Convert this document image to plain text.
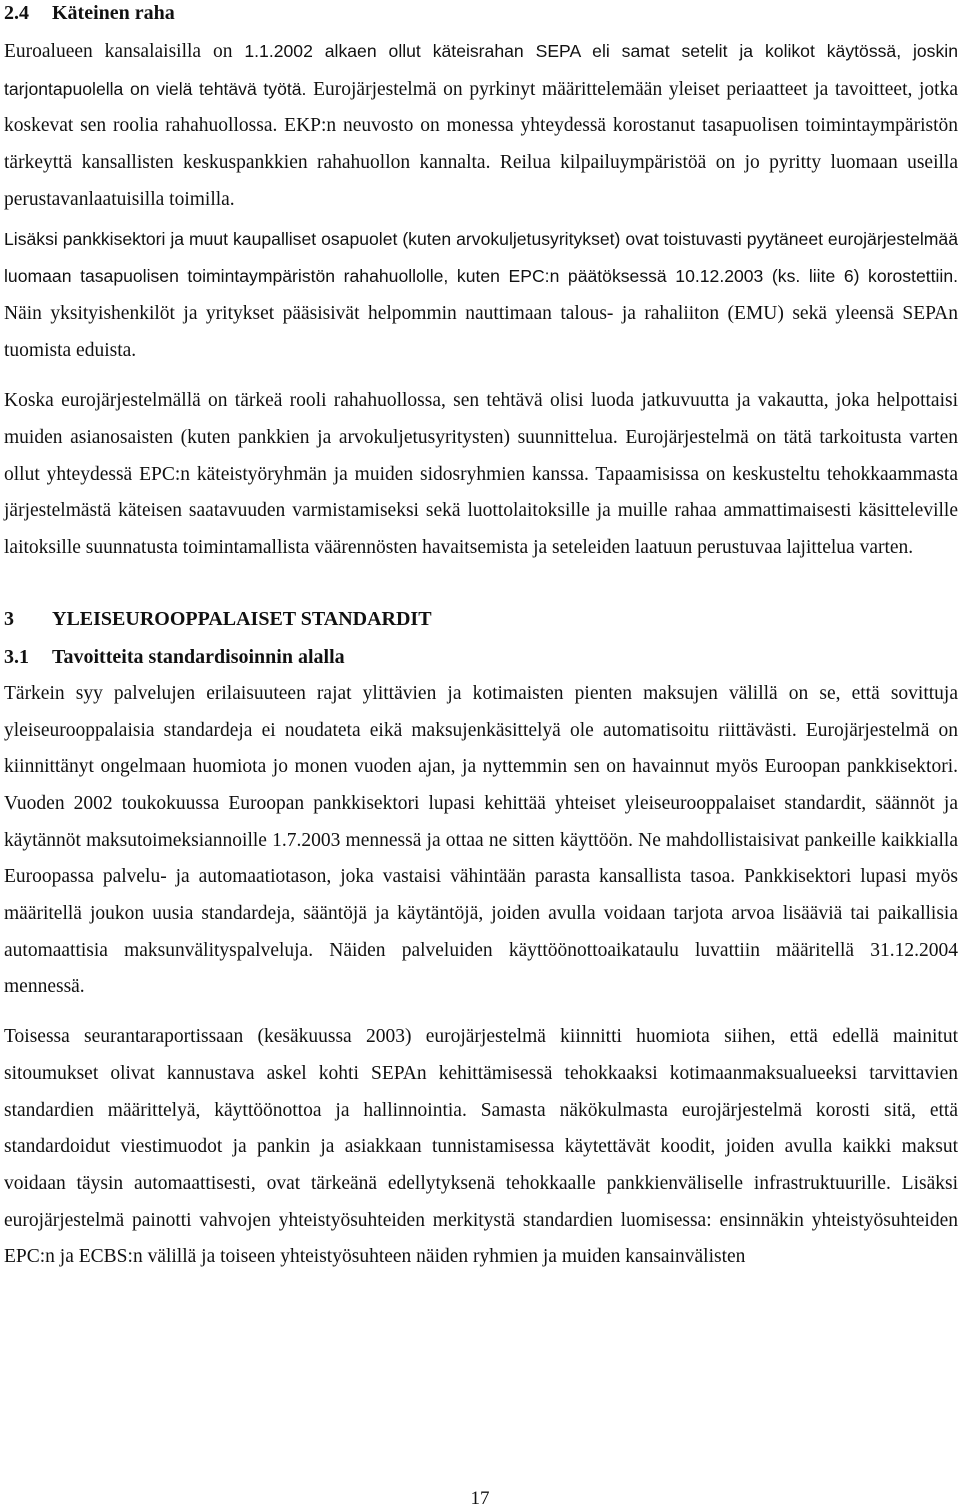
2.4 Käteinen raha

Euroalueen kansalaisilla on 1.1.2002 alkaen ollut käteisrahan SEPA eli samat setelit ja kolikot käytössä, joskin tarjontapuolella on vielä tehtävä työtä. Eurojärjestelmä on pyrkinyt määrittelemään yleiset periaatteet ja tavoitteet, jotka koskevat sen roolia rahahuollossa. EKP:n neuvosto on monessa yhteydessä korostanut tasapuolisen toimintaympäristön tärkeyttä kansallisten keskuspankkien rahahuollon kannalta. Reilua kilpailuympäristöä on jo pyritty luomaan useilla perustavanlaatuisilla toimilla.

Lisäksi pankkisektori ja muut kaupalliset osapuolet (kuten arvokuljetusyritykset) ovat toistuvasti pyytäneet eurojärjestelmää luomaan tasapuolisen toimintaympäristön rahahuollolle, kuten EPC:n päätöksessä 10.12.2003 (ks. liite 6) korostettiin. Näin yksityishenkilöt ja yritykset pääsisivät helpommin nauttimaan talous- ja rahaliiton (EMU) sekä yleensä SEPAn tuomista eduista.

Koska eurojärjestelmällä on tärkeä rooli rahahuollossa, sen tehtävä olisi luoda jatkuvuutta ja vakautta, joka helpottaisi muiden asianosaisten (kuten pankkien ja arvokuljetusyritysten) suunnittelua. Eurojärjestelmä on tätä tarkoitusta varten ollut yhteydessä EPC:n käteistyöryhmän ja muiden sidosryhmien kanssa. Tapaamisissa on keskusteltu tehokkaammasta järjestelmästä käteisen saatavuuden varmistamiseksi sekä luottolaitoksille ja muille rahaa ammattimaisesti käsitteleville laitoksille suunnatusta toimintamallista väärennösten havaitsemista ja seteleiden laatuun perustuvaa lajittelua varten.

3 YLEISEUROOPPALAISET STANDARDIT
3.1 Tavoitteita standardisoinnin alalla

Tärkein syy palvelujen erilaisuuteen rajat ylittävien ja kotimaisten pienten maksujen välillä on se, että sovittuja yleiseurooppalaisia standardeja ei noudateta eikä maksujenkäsittelyä ole automatisoitu riittävästi. Eurojärjestelmä on kiinnittänyt ongelmaan huomiota jo monen vuoden ajan, ja nyttemmin sen on havainnut myös Euroopan pankkisektori. Vuoden 2002 toukokuussa Euroopan pankkisektori lupasi kehittää yhteiset yleiseurooppalaiset standardit, säännöt ja käytännöt maksutoimeksiannoille 1.7.2003 mennessä ja ottaa ne sitten käyttöön. Ne mahdollistaisivat pankeille kaikkialla Euroopassa palvelu- ja automaatiotason, joka vastaisi vähintään parasta kansallista tasoa. Pankkisektori lupasi myös määritellä joukon uusia standardeja, sääntöjä ja käytäntöjä, joiden avulla voidaan tarjota arvoa lisääviä tai paikallisia automaattisia maksunvälityspalveluja. Näiden palveluiden käyttöönottoaikataulu luvattiin määritellä 31.12.2004 mennessä.

Toisessa seurantaraportissaan (kesäkuussa 2003) eurojärjestelmä kiinnitti huomiota siihen, että edellä mainitut sitoumukset olivat kannustava askel kohti SEPAn kehittämisessä tehokkaaksi kotimaanmaksualueeksi tarvittavien standardien määrittelyä, käyttöönottoa ja hallinnointia. Samasta näkökulmasta eurojärjestelmä korosti sitä, että standardoidut viestimuodot ja pankin ja asiakkaan tunnistamisessa käytettävät koodit, joiden avulla kaikki maksut voidaan täysin automaattisesti, ovat tärkeänä edellytyksenä tehokkaalle pankkienväliselle infrastruktuurille. Lisäksi eurojärjestelmä painotti vahvojen yhteistyösuhteiden merkitystä standardien luomisessa: ensinnäkin yhteistyösuhteiden EPC:n ja ECBS:n välillä ja toiseen yhteistyösuhteen näiden ryhmien ja muiden kansainvälisten

17
